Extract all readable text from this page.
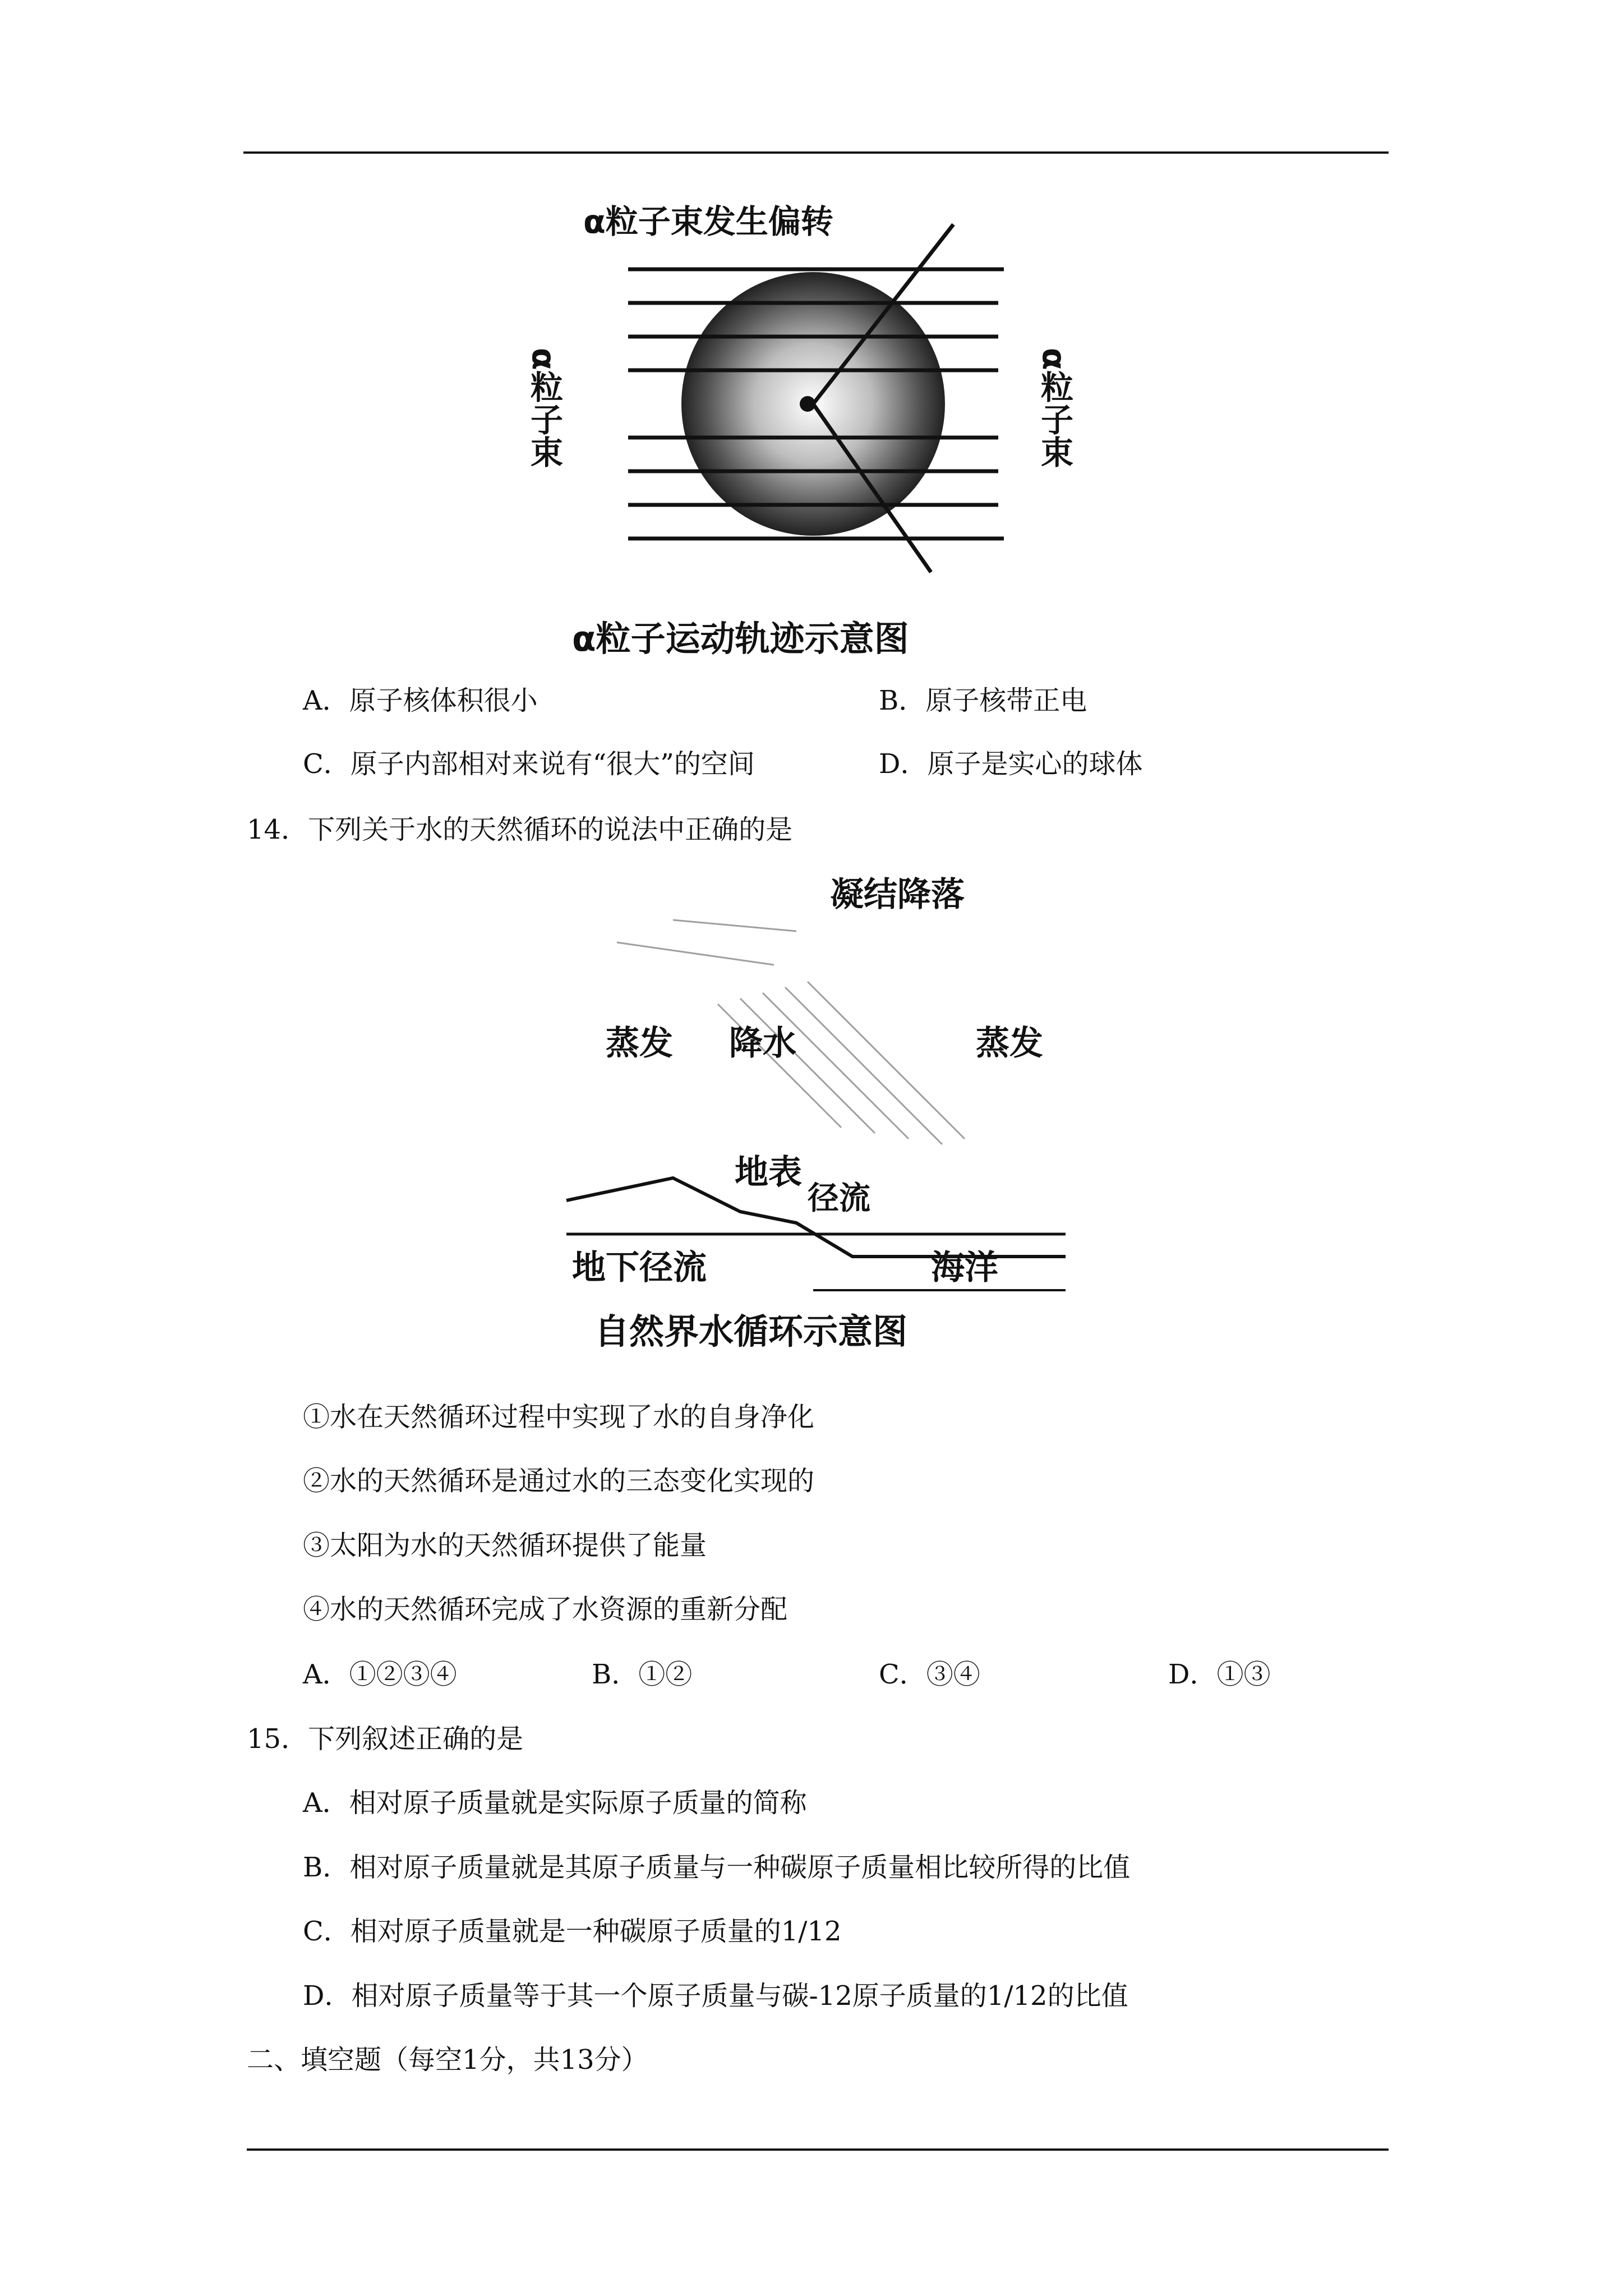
α粒子束发生偏转
α粒子束	α粒子束
α粒子运动轨迹示意图
A．原子核体积很小	B．原子核带正电
C．原子内部相对来说有“很大”的空间	D．原子是实心的球体
14．下列关于水的天然循环的说法中正确的是
凝结降落
蒸发 降水	蒸发
地表
径流
地下径流	海洋
自然界水循环示意图
①水在天然循环过程中实现了水的自身净化
②水的天然循环是通过水的三态变化实现的
③太阳为水的天然循环提供了能量
④水的天然循环完成了水资源的重新分配
A．①②③④	B．①②	C．③④	D．①③
15．下列叙述正确的是
A．相对原子质量就是实际原子质量的简称
B．相对原子质量就是其原子质量与一种碳原子质量相比较所得的比值
C．相对原子质量就是一种碳原子质量的1/12
D．相对原子质量等于其一个原子质量与碳-12原子质量的1/12的比值
二、填空题（每空1分，共13分）
